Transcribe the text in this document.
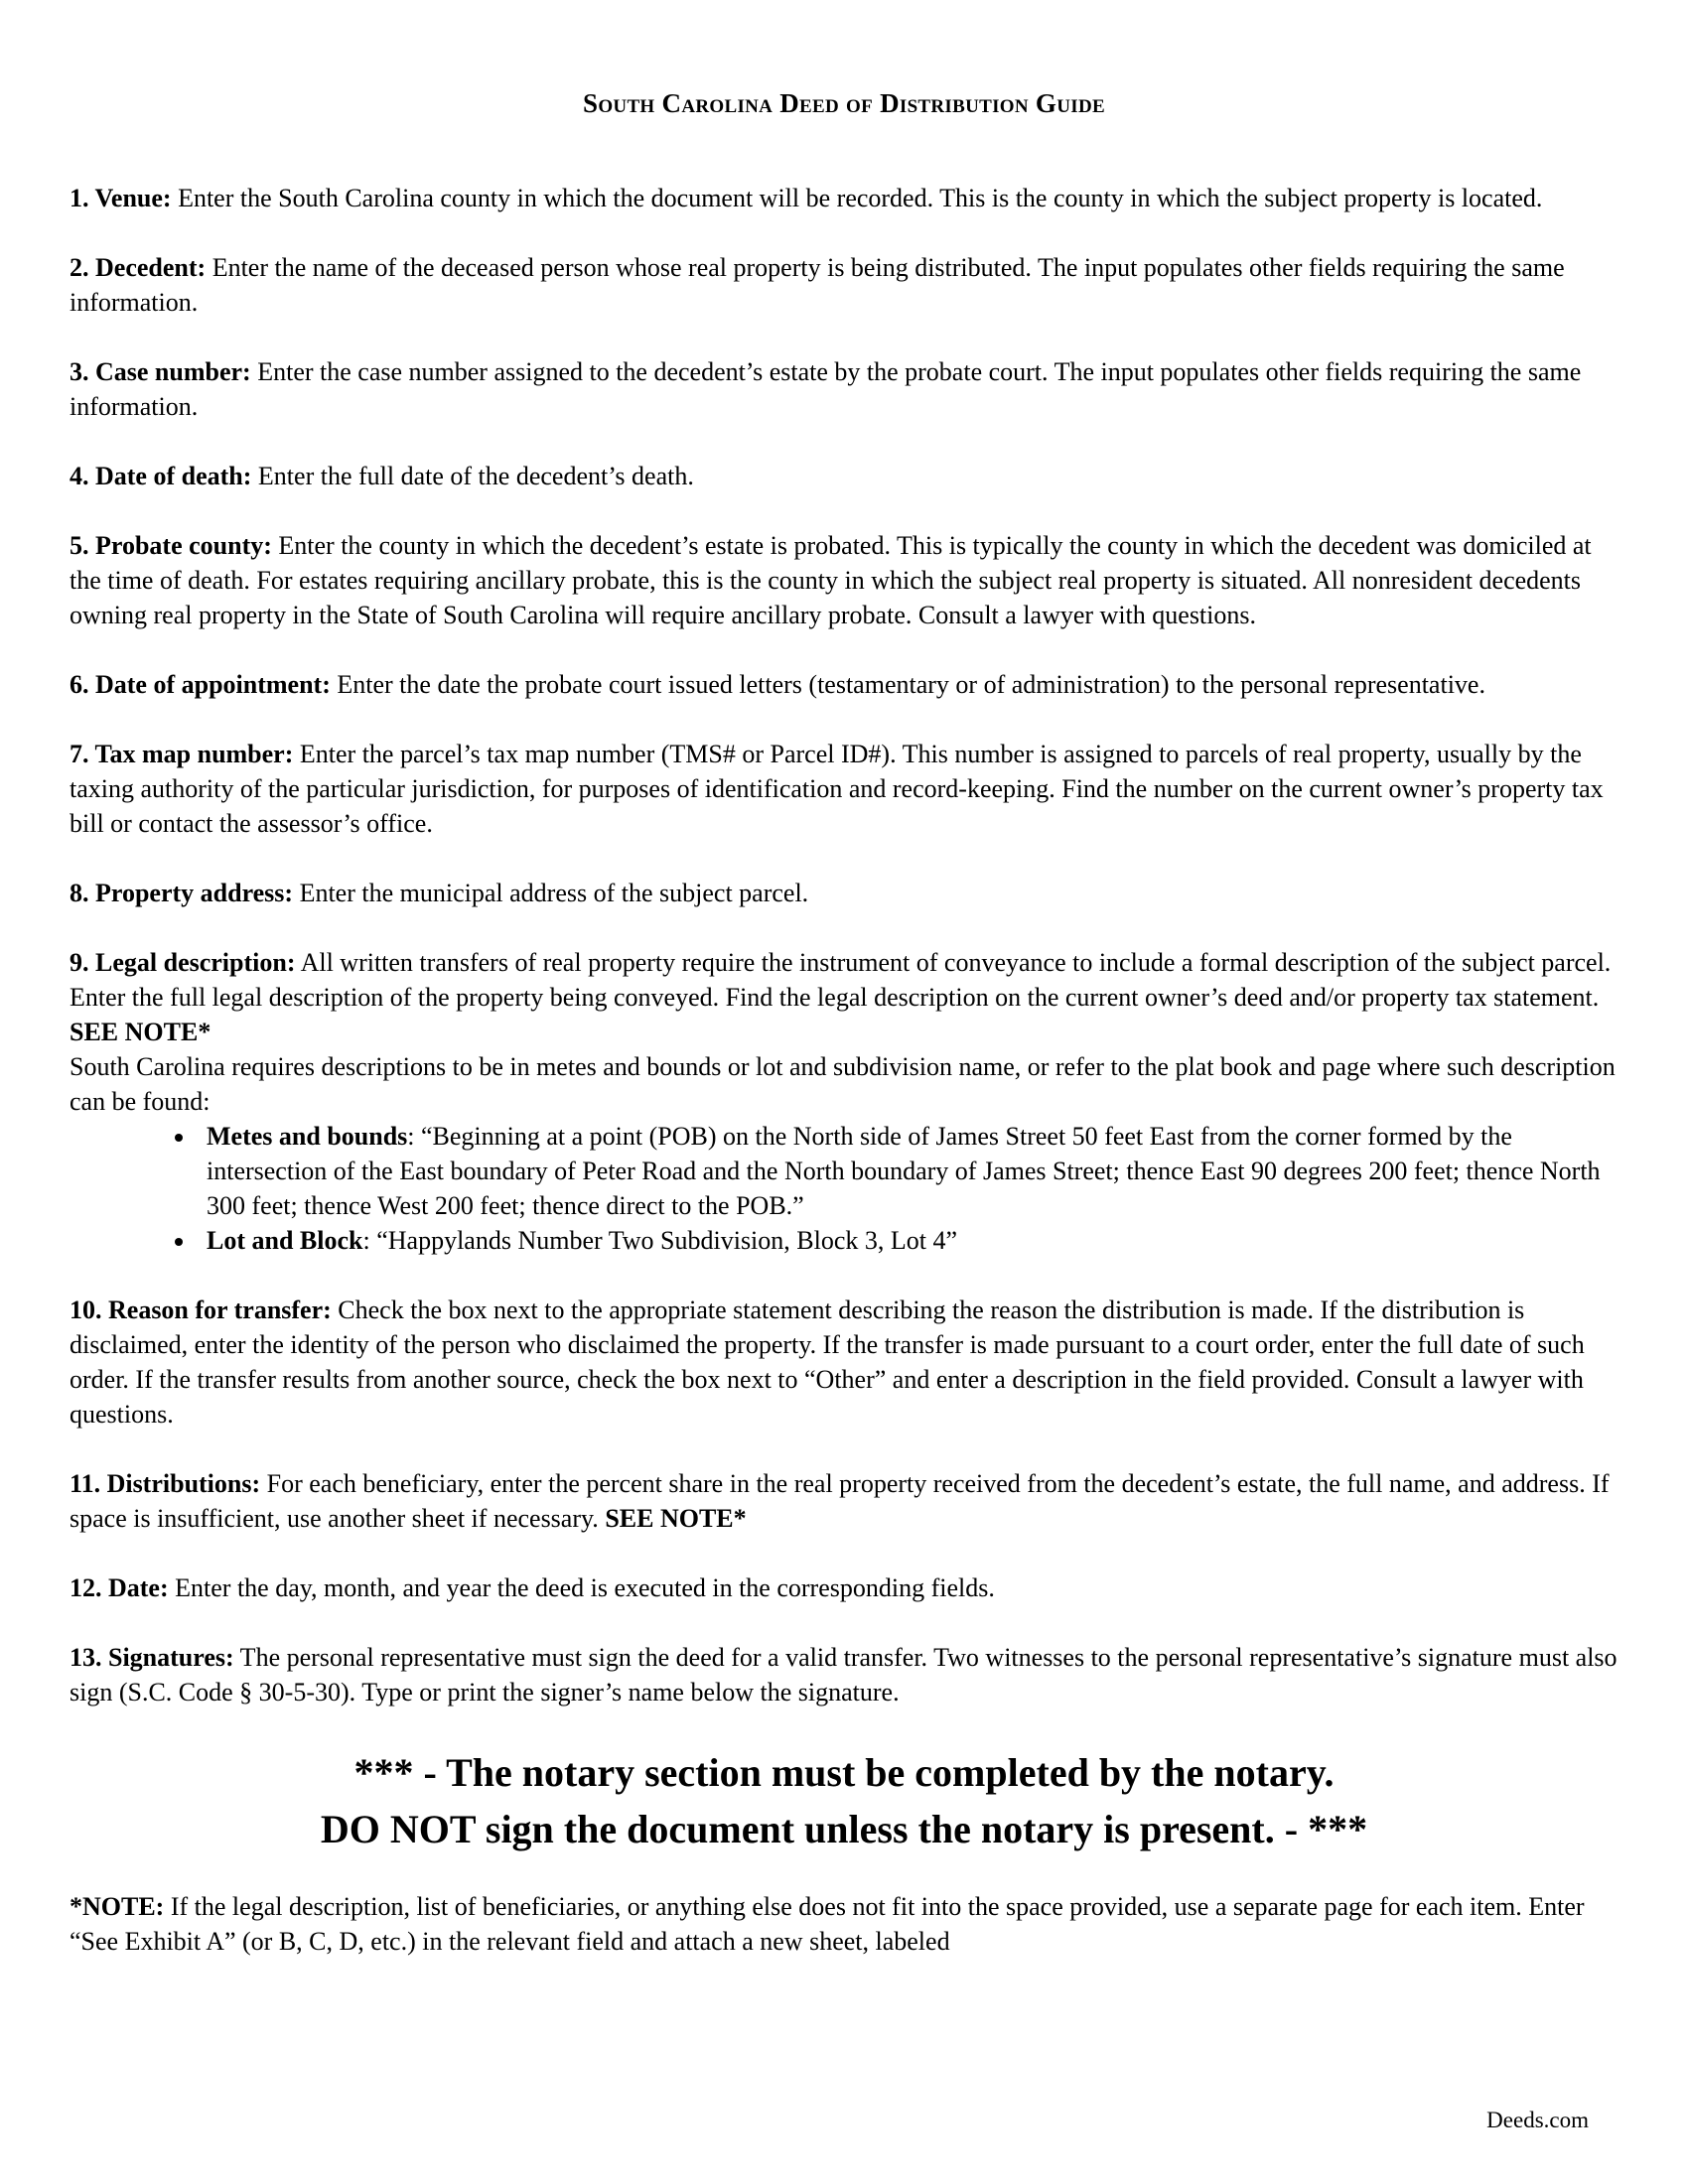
South Carolina Deed of Distribution Guide

1. Venue: Enter the South Carolina county in which the document will be recorded. This is the county in which the subject property is located.

2. Decedent: Enter the name of the deceased person whose real property is being distributed. The input populates other fields requiring the same information.

3. Case number: Enter the case number assigned to the decedent’s estate by the probate court. The input populates other fields requiring the same information.

4. Date of death: Enter the full date of the decedent’s death.

5. Probate county: Enter the county in which the decedent’s estate is probated. This is typically the county in which the decedent was domiciled at the time of death. For estates requiring ancillary probate, this is the county in which the subject real property is situated. All nonresident decedents owning real property in the State of South Carolina will require ancillary probate. Consult a lawyer with questions.

6. Date of appointment: Enter the date the probate court issued letters (testamentary or of administration) to the personal representative.

7. Tax map number: Enter the parcel’s tax map number (TMS# or Parcel ID#). This number is assigned to parcels of real property, usually by the taxing authority of the particular jurisdiction, for purposes of identification and record-keeping. Find the number on the current owner’s property tax bill or contact the assessor’s office.

8. Property address: Enter the municipal address of the subject parcel.

9. Legal description: All written transfers of real property require the instrument of conveyance to include a formal description of the subject parcel. Enter the full legal description of the property being conveyed. Find the legal description on the current owner’s deed and/or property tax statement. SEE NOTE*
South Carolina requires descriptions to be in metes and bounds or lot and subdivision name, or refer to the plat book and page where such description can be found:

• Metes and bounds: “Beginning at a point (POB) on the North side of James Street 50 feet East from the corner formed by the intersection of the East boundary of Peter Road and the North boundary of James Street; thence East 90 degrees 200 feet; thence North 300 feet; thence West 200 feet; thence direct to the POB.”
• Lot and Block: “Happylands Number Two Subdivision, Block 3, Lot 4”

10. Reason for transfer: Check the box next to the appropriate statement describing the reason the distribution is made. If the distribution is disclaimed, enter the identity of the person who disclaimed the property. If the transfer is made pursuant to a court order, enter the full date of such order. If the transfer results from another source, check the box next to “Other” and enter a description in the field provided. Consult a lawyer with questions.

11. Distributions: For each beneficiary, enter the percent share in the real property received from the decedent’s estate, the full name, and address. If space is insufficient, use another sheet if necessary. SEE NOTE*

12. Date: Enter the day, month, and year the deed is executed in the corresponding fields.

13. Signatures: The personal representative must sign the deed for a valid transfer. Two witnesses to the personal representative’s signature must also sign (S.C. Code § 30-5-30). Type or print the signer’s name below the signature.

*** - The notary section must be completed by the notary.
DO NOT sign the document unless the notary is present. - ***

*NOTE: If the legal description, list of beneficiaries, or anything else does not fit into the space provided, use a separate page for each item. Enter “See Exhibit A” (or B, C, D, etc.) in the relevant field and attach a new sheet, labeled

Deeds.com
